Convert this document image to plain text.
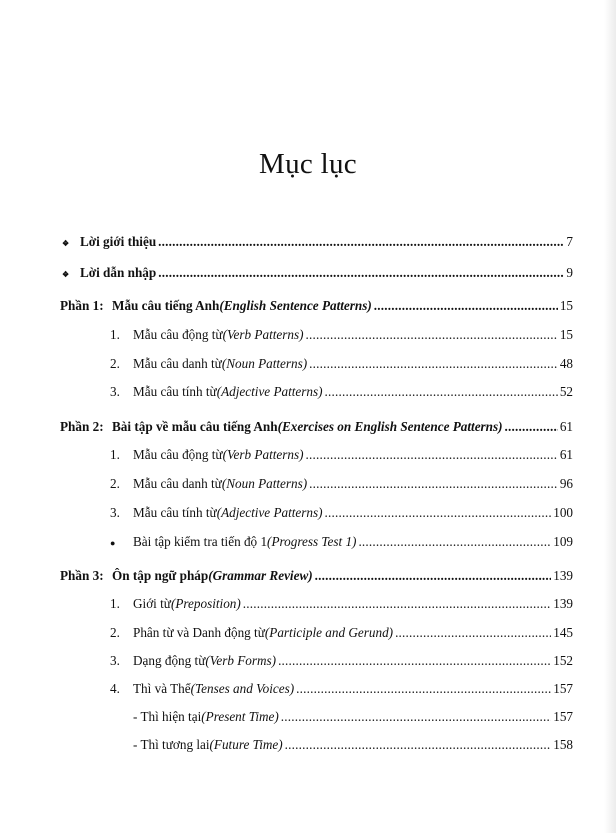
Mục lục
❖ Lời giới thiệu .....	7
❖ Lời dẫn nhập .....	9
Phần 1: Mẫu câu tiếng Anh (English Sentence Patterns) .....	15
1. Mẫu câu động từ (Verb Patterns) .....	15
2. Mẫu câu danh từ (Noun Patterns) .....	48
3. Mẫu câu tính từ (Adjective Patterns) .....	52
Phần 2: Bài tập về mẫu câu tiếng Anh (Exercises on English Sentence Patterns) .....	61
1. Mẫu câu động từ (Verb Patterns) .....	61
2. Mẫu câu danh từ (Noun Patterns) .....	96
3. Mẫu câu tính từ (Adjective Patterns) .....	100
●	Bài tập kiểm tra tiến độ 1 (Progress Test 1) .....	109
Phần 3: Ôn tập ngữ pháp (Grammar Review) .....	139
1. Giới từ (Preposition) .....	139
2. Phân từ và Danh động từ (Participle and Gerund) .....	145
3. Dạng động từ (Verb Forms) .....	152
4. Thì và Thể (Tenses and Voices) .....	157
- Thì hiện tại (Present Time) .....	157
- Thì tương lai (Future Time) .....	158
